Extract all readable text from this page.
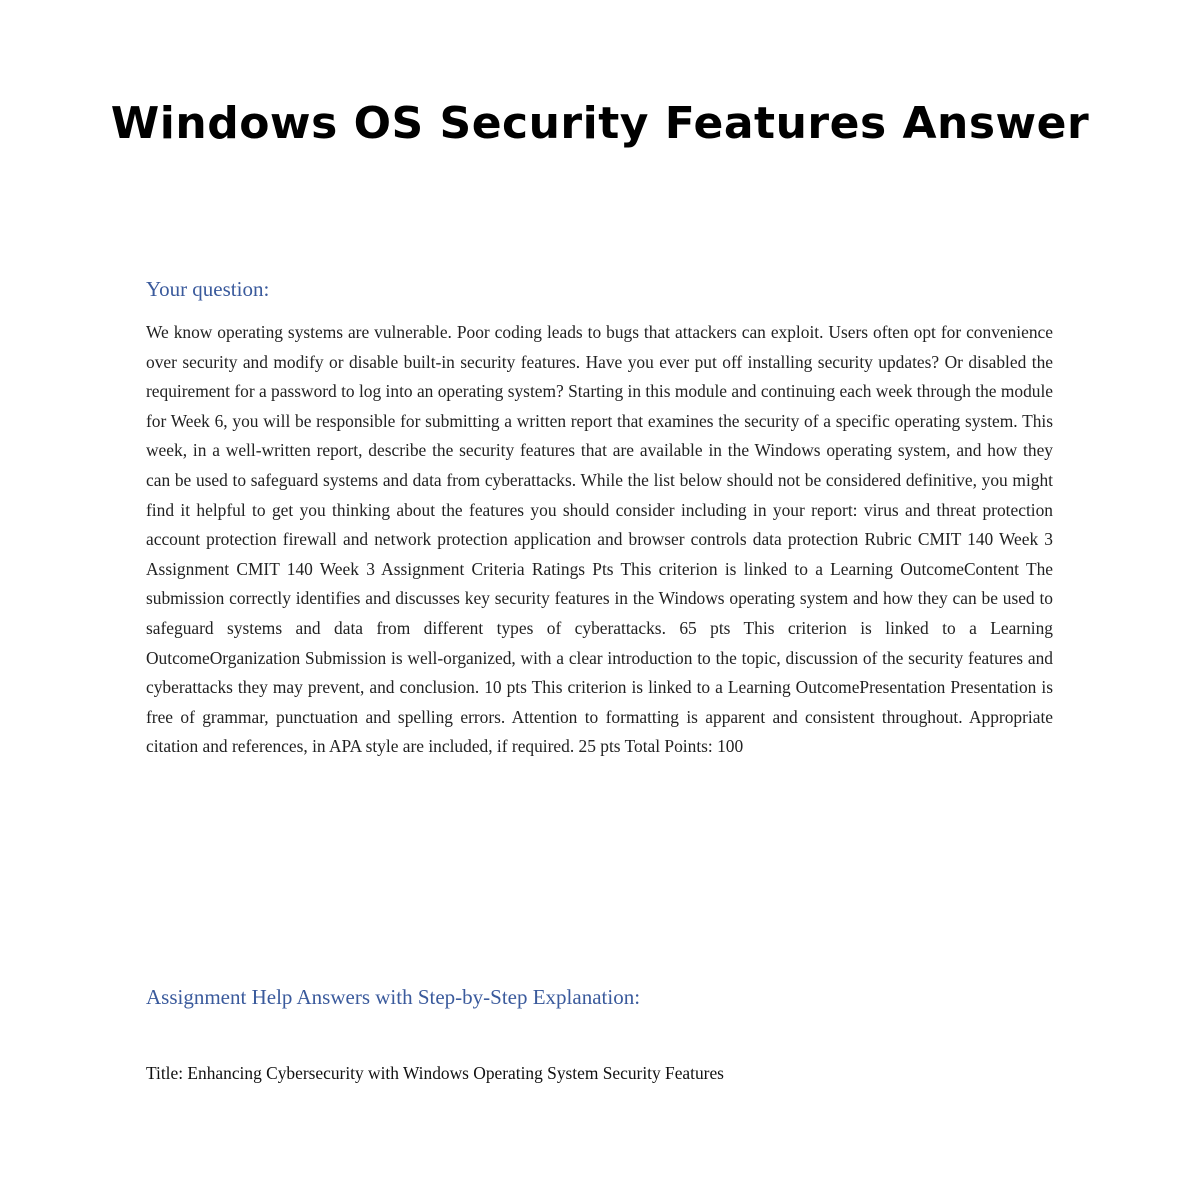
Windows OS Security Features Answer
Your question:

We know operating systems are vulnerable. Poor coding leads to bugs that attackers can exploit. Users often opt for convenience over security and modify or disable built-in security features. Have you ever put off installing security updates? Or disabled the requirement for a password to log into an operating system? Starting in this module and continuing each week through the module for Week 6, you will be responsible for submitting a written report that examines the security of a specific operating system. This week, in a well-written report, describe the security features that are available in the Windows operating system, and how they can be used to safeguard systems and data from cyberattacks. While the list below should not be considered definitive, you might find it helpful to get you thinking about the features you should consider including in your report: virus and threat protection account protection firewall and network protection application and browser controls data protection Rubric CMIT 140 Week 3 Assignment CMIT 140 Week 3 Assignment Criteria Ratings Pts This criterion is linked to a Learning OutcomeContent The submission correctly identifies and discusses key security features in the Windows operating system and how they can be used to safeguard systems and data from different types of cyberattacks. 65 pts This criterion is linked to a Learning OutcomeOrganization Submission is well-organized, with a clear introduction to the topic, discussion of the security features and cyberattacks they may prevent, and conclusion. 10 pts This criterion is linked to a Learning OutcomePresentation Presentation is free of grammar, punctuation and spelling errors. Attention to formatting is apparent and consistent throughout. Appropriate citation and references, in APA style are included, if required. 25 pts Total Points: 100

Assignment Help Answers with Step-by-Step Explanation:

Title: Enhancing Cybersecurity with Windows Operating System Security Features
